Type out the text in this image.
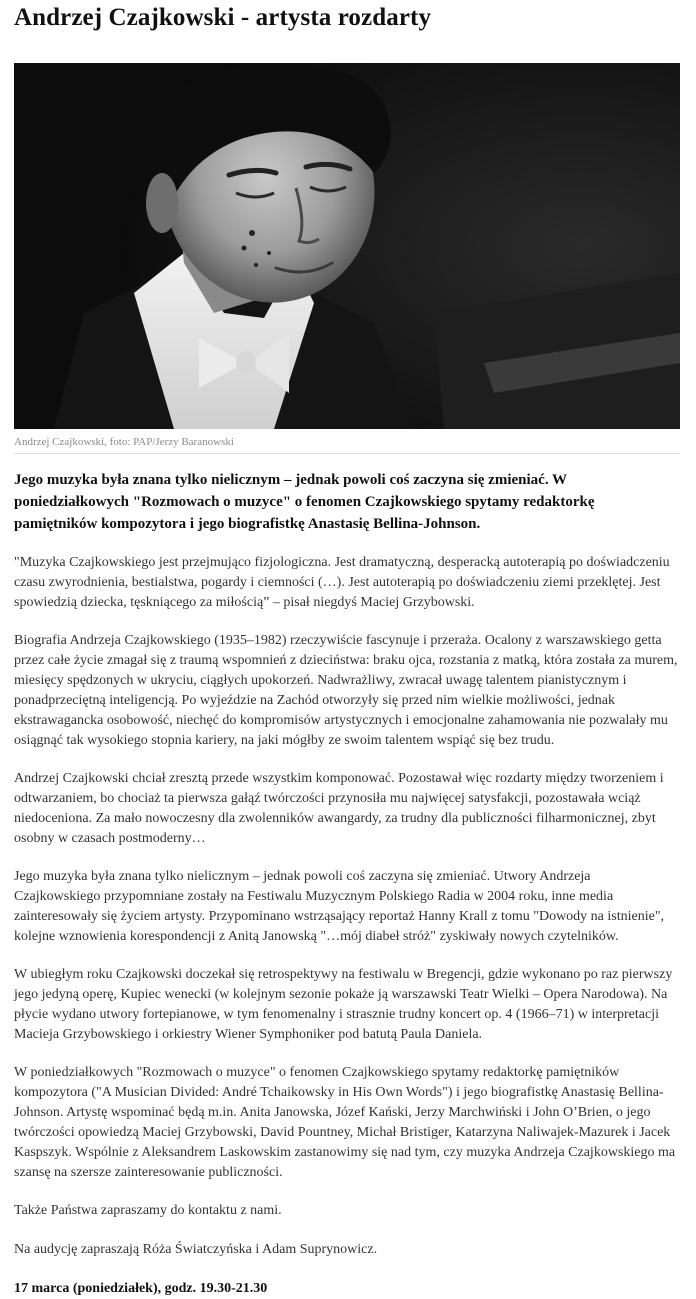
Andrzej Czajkowski - artysta rozdarty
Andrzej Czajkowski, foto: PAP/Jerzy Baranowski

Jego muzyka była znana tylko nielicznym – jednak powoli coś zaczyna się zmieniać. W poniedziałkowych "Rozmowach o muzyce" o fenomen Czajkowskiego spytamy redaktorkę pamiętników kompozytora i jego biografistkę Anastasię Bellina-Johnson.

"Muzyka Czajkowskiego jest przejmująco fizjologiczna. Jest dramatyczną, desperacką autoterapią po doświadczeniu czasu zwyrodnienia, bestialstwa, pogardy i ciemności (…). Jest autoterapią po doświadczeniu ziemi przeklętej. Jest spowiedzią dziecka, tęskniącego za miłością” – pisał niegdyś Maciej Grzybowski.

Biografia Andrzeja Czajkowskiego (1935–1982) rzeczywiście fascynuje i przeraża. Ocalony z warszawskiego getta przez całe życie zmagał się z traumą wspomnień z dzieciństwa: braku ojca, rozstania z matką, która została za murem, miesięcy spędzonych w ukryciu, ciągłych upokorzeń. Nadwrażliwy, zwracał uwagę talentem pianistycznym i ponadprzeciętną inteligencją. Po wyjeździe na Zachód otworzyły się przed nim wielkie możliwości, jednak ekstrawagancka osobowość, niechęć do kompromisów artystycznych i emocjonalne zahamowania nie pozwalały mu osiągnąć tak wysokiego stopnia kariery, na jaki mógłby ze swoim talentem wspiąć się bez trudu.

Andrzej Czajkowski chciał zresztą przede wszystkim komponować. Pozostawał więc rozdarty między tworzeniem i odtwarzaniem, bo chociaż ta pierwsza gałąź twórczości przynosiła mu najwięcej satysfakcji, pozostawała wciąż niedoceniona. Za mało nowoczesny dla zwolenników awangardy, za trudny dla publiczności filharmonicznej, zbyt osobny w czasach postmoderny…

Jego muzyka była znana tylko nielicznym – jednak powoli coś zaczyna się zmieniać. Utwory Andrzeja Czajkowskiego przypomniane zostały na Festiwalu Muzycznym Polskiego Radia w 2004 roku, inne media zainteresowały się życiem artysty. Przypominano wstrząsający reportaż Hanny Krall z tomu "Dowody na istnienie", kolejne wznowienia korespondencji z Anitą Janowską "…mój diabeł stróż" zyskiwały nowych czytelników.

W ubiegłym roku Czajkowski doczekał się retrospektywy na festiwalu w Bregencji, gdzie wykonano po raz pierwszy jego jedyną operę, Kupiec wenecki (w kolejnym sezonie pokaże ją warszawski Teatr Wielki – Opera Narodowa). Na płycie wydano utwory fortepianowe, w tym fenomenalny i strasznie trudny koncert op. 4 (1966–71) w interpretacji Macieja Grzybowskiego i orkiestry Wiener Symphoniker pod batutą Paula Daniela.

W poniedziałkowych "Rozmowach o muzyce" o fenomen Czajkowskiego spytamy redaktorkę pamiętników kompozytora ("A Musician Divided: André Tchaikowsky in His Own Words") i jego biografistkę Anastasię Bellina-Johnson. Artystę wspominać będą m.in. Anita Janowska, Józef Kański, Jerzy Marchwiński i John O’Brien, o jego twórczości opowiedzą Maciej Grzybowski, David Pountney, Michał Bristiger, Katarzyna Naliwajek-Mazurek i Jacek Kaspszyk. Wspólnie z Aleksandrem Laskowskim zastanowimy się nad tym, czy muzyka Andrzeja Czajkowskiego ma szansę na szersze zainteresowanie publiczności.

Także Państwa zapraszamy do kontaktu z nami.

Na audycję zapraszają Róża Światczyńska i Adam Suprynowicz.

17 marca (poniedziałek), godz. 19.30-21.30
